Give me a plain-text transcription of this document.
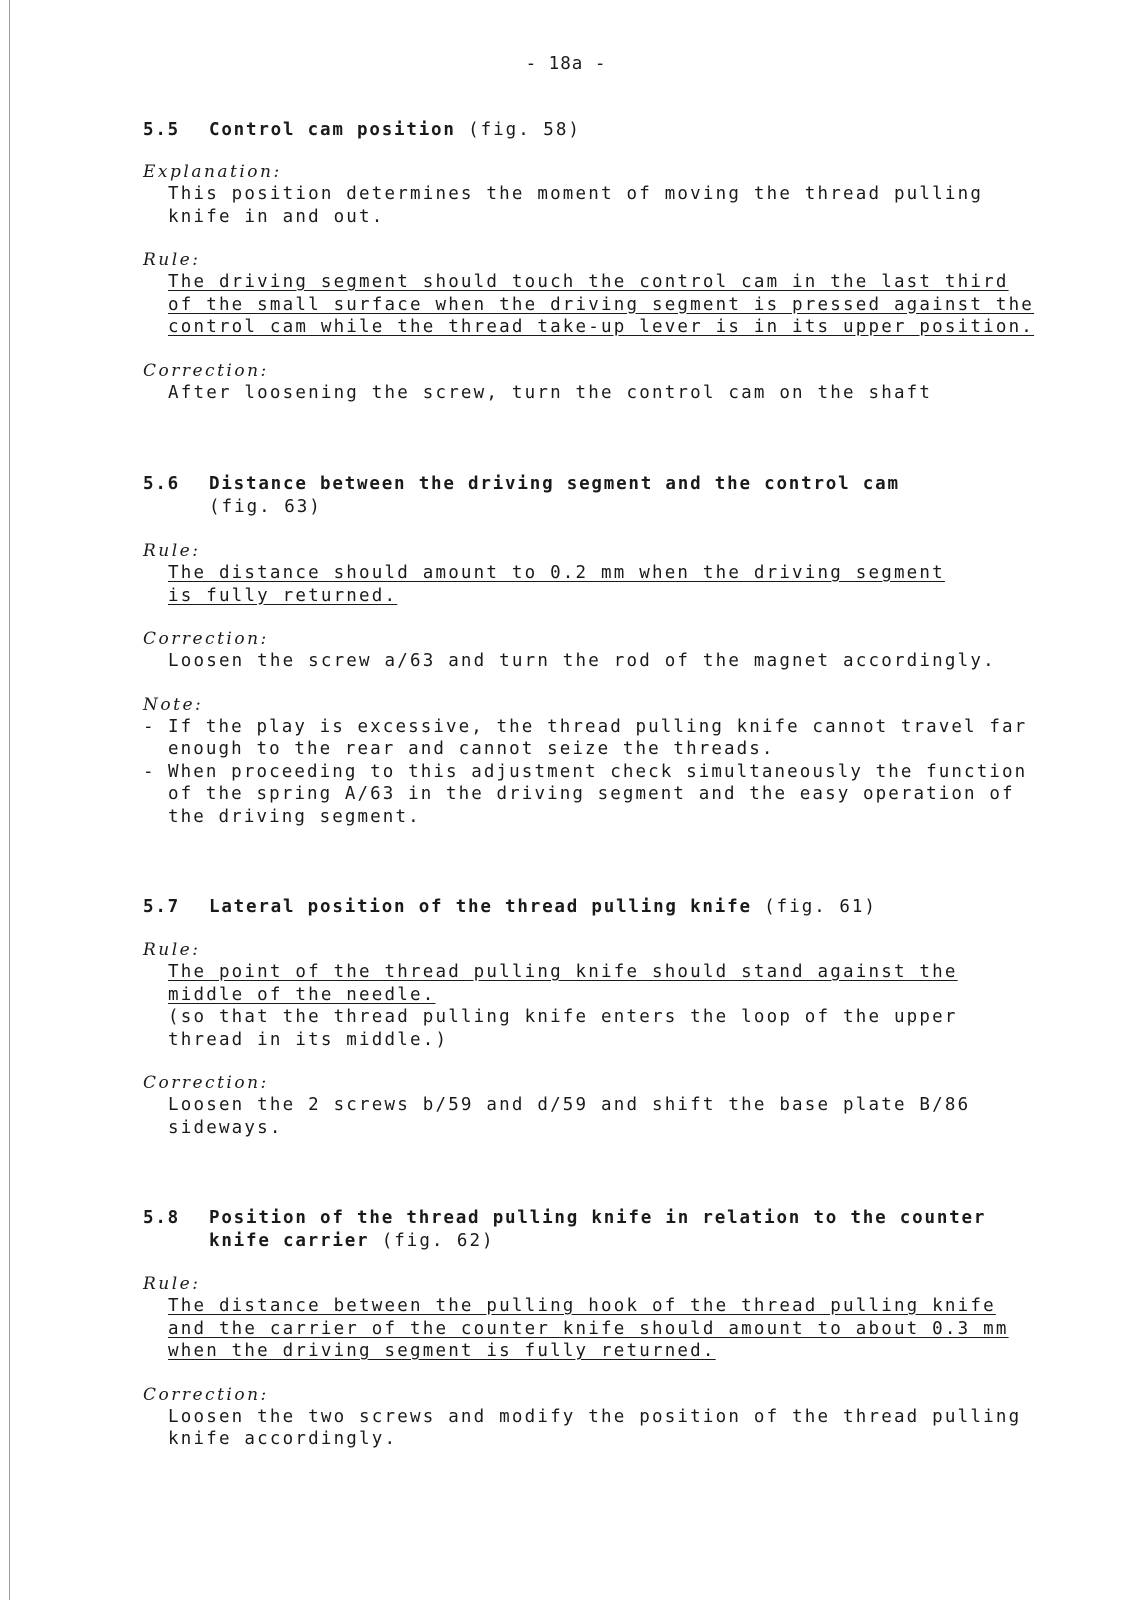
- 18a -
5.5	Control cam position (fig. 58)
Explanation:
This position determines the moment of moving the thread pulling
knife in and out.
Rule:
The driving segment should touch the control cam in the last third
of the small surface when the driving segment is pressed against the
control cam while the thread take-up lever is in its upper position.
Correction:
After loosening the screw, turn the control cam on the shaft
5.6	Distance between the driving segment and the control cam
(fig. 63)
Rule:
The distance should amount to 0.2 mm when the driving segment
is fully returned.
Correction:
Loosen the screw a/63 and turn the rod of the magnet accordingly.
Note:
- If the play is excessive, the thread pulling knife cannot travel far
enough to the rear and cannot seize the threads.
- When proceeding to this adjustment check simultaneously the function
of the spring A/63 in the driving segment and the easy operation of
the driving segment.
5.7	Lateral position of the thread pulling knife (fig. 61)
Rule:
The point of the thread pulling knife should stand against the
middle of the needle.
(so that the thread pulling knife enters the loop of the upper
thread in its middle.)
Correction:
Loosen the 2 screws b/59 and d/59 and shift the base plate B/86
sideways.
5.8	Position of the thread pulling knife in relation to the counter
knife carrier (fig. 62)
Rule:
The distance between the pulling hook of the thread pulling knife
and the carrier of the counter knife should amount to about 0.3 mm
when the driving segment is fully returned.
Correction:
Loosen the two screws and modify the position of the thread pulling
knife accordingly.
